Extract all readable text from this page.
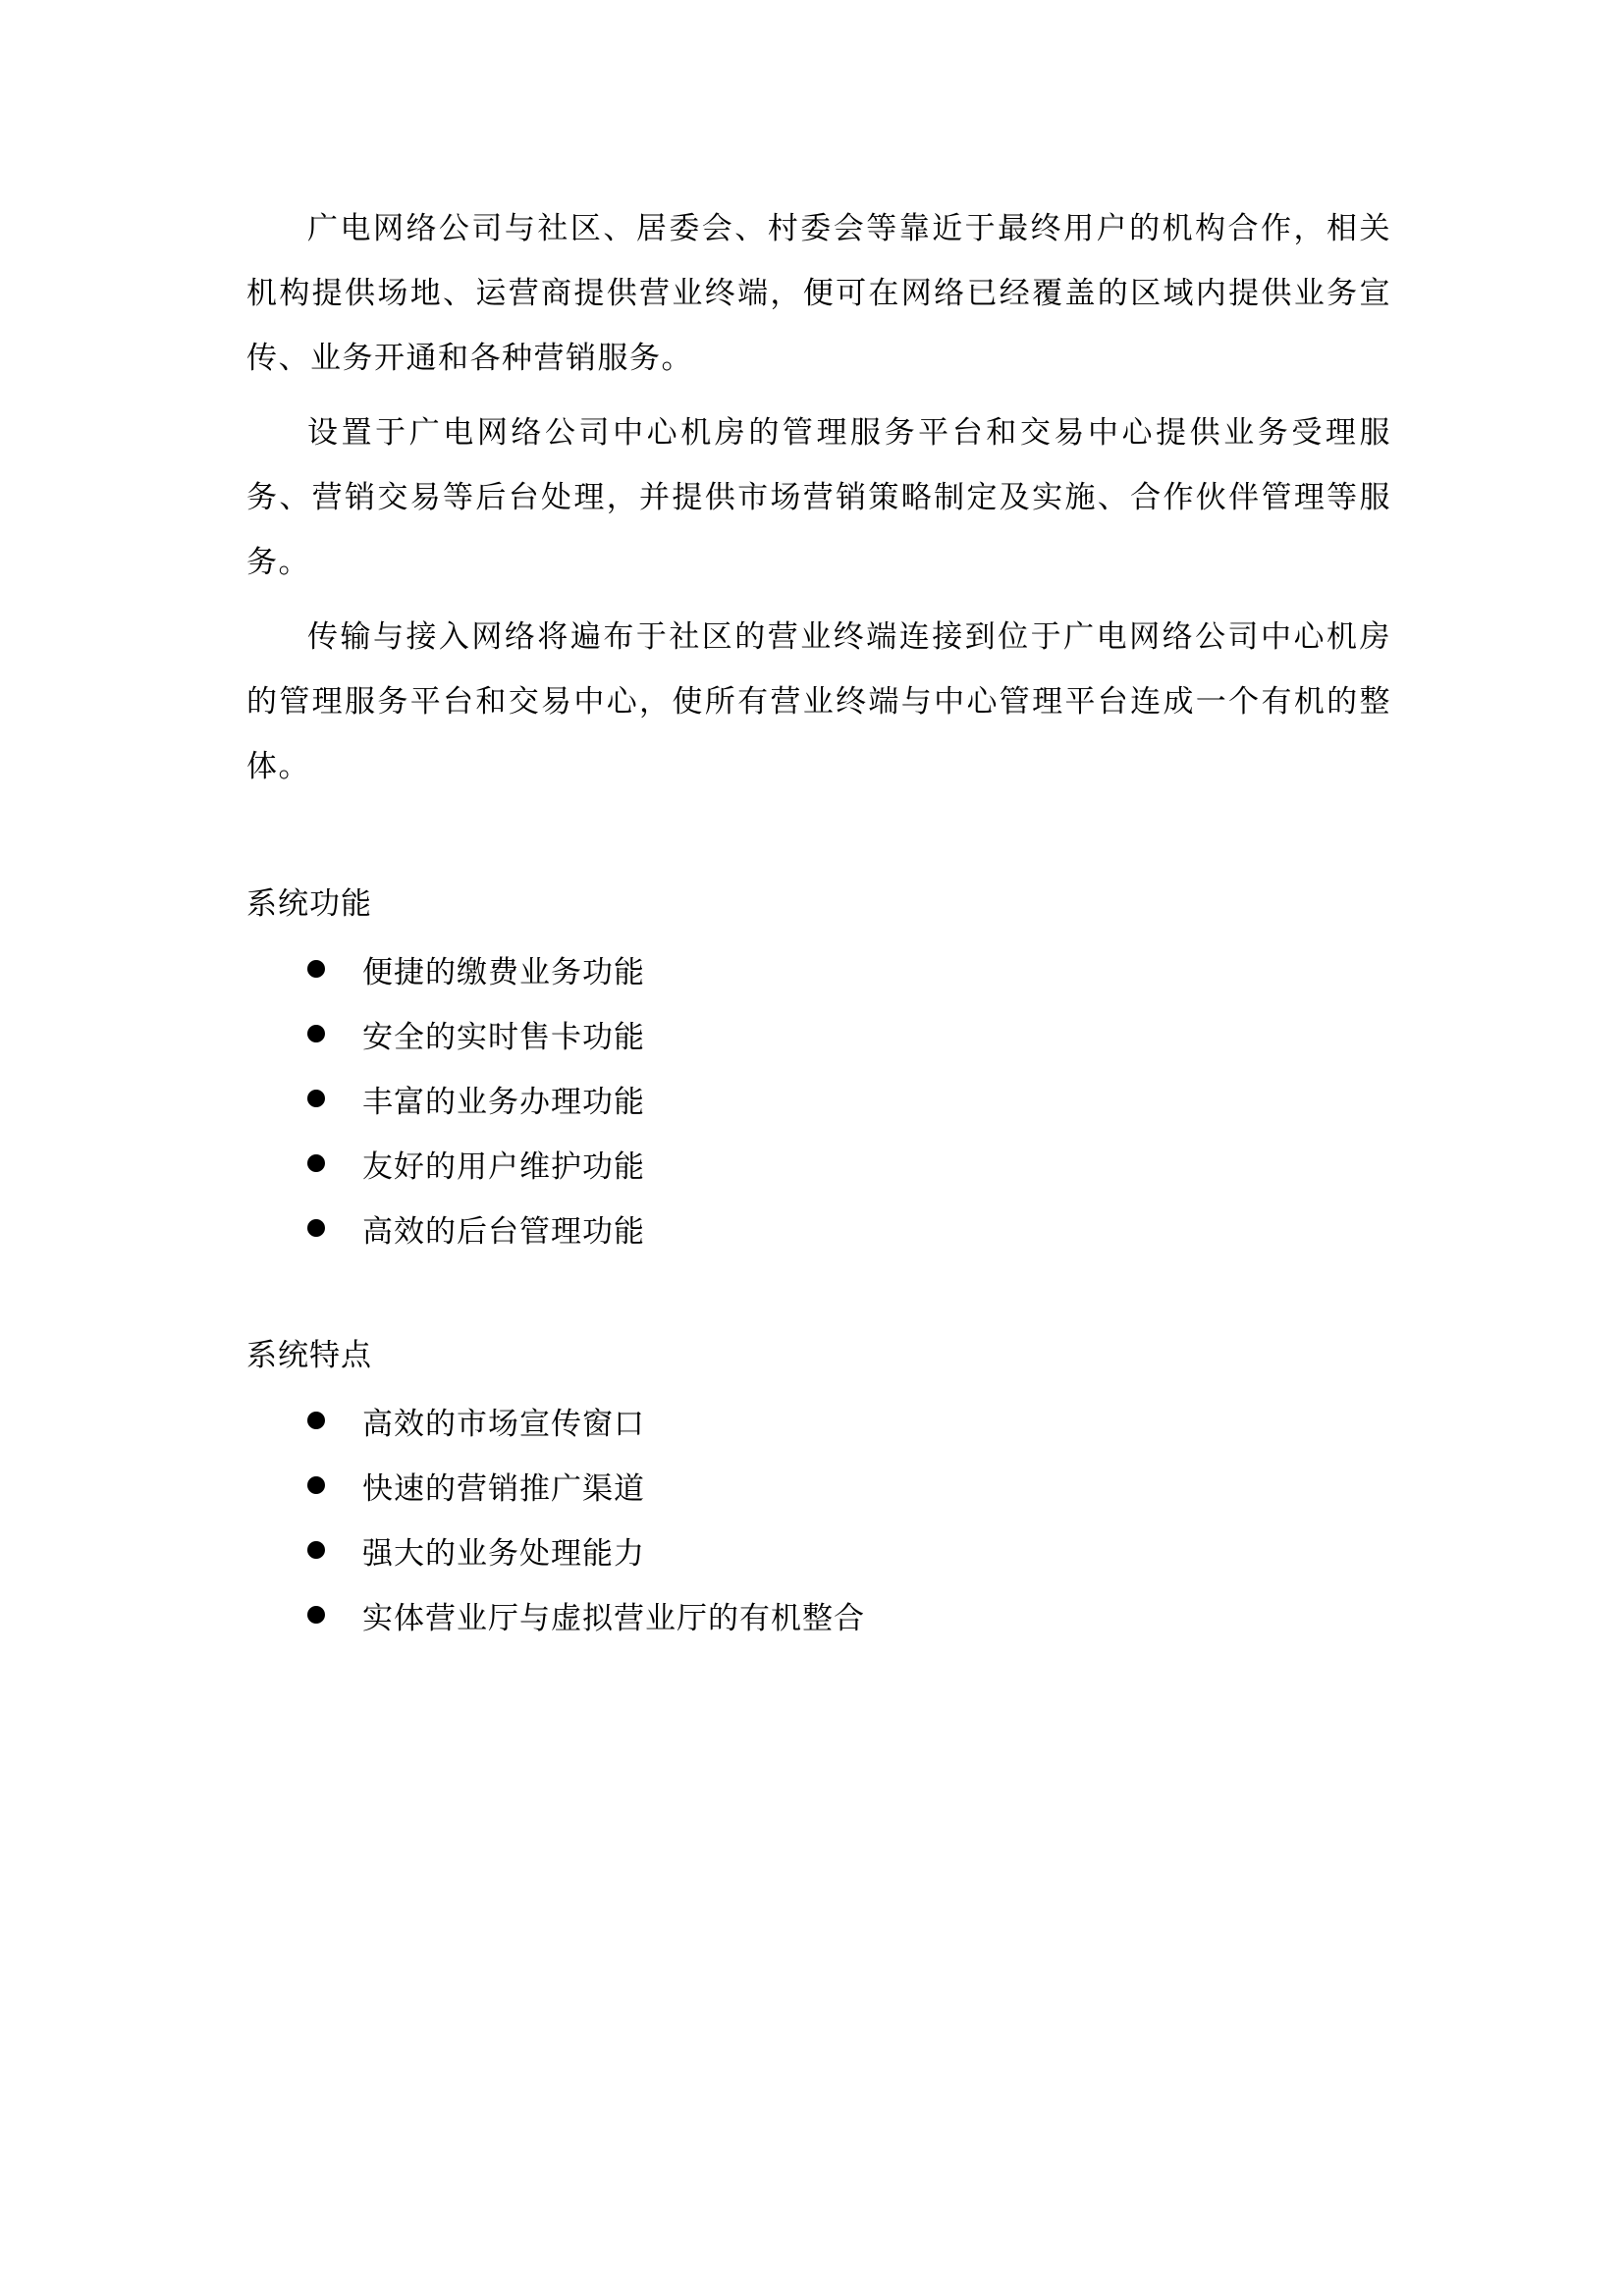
广电网络公司与社区、居委会、村委会等靠近于最终用户的机构合作，相关机构提供场地、运营商提供营业终端，便可在网络已经覆盖的区域内提供业务宣传、业务开通和各种营销服务。

设置于广电网络公司中心机房的管理服务平台和交易中心提供业务受理服务、营销交易等后台处理，并提供市场营销策略制定及实施、合作伙伴管理等服务。

传输与接入网络将遍布于社区的营业终端连接到位于广电网络公司中心机房的管理服务平台和交易中心，使所有营业终端与中心管理平台连成一个有机的整体。

系统功能
便捷的缴费业务功能
安全的实时售卡功能
丰富的业务办理功能
友好的用户维护功能
高效的后台管理功能
系统特点
高效的市场宣传窗口
快速的营销推广渠道
强大的业务处理能力
实体营业厅与虚拟营业厅的有机整合
